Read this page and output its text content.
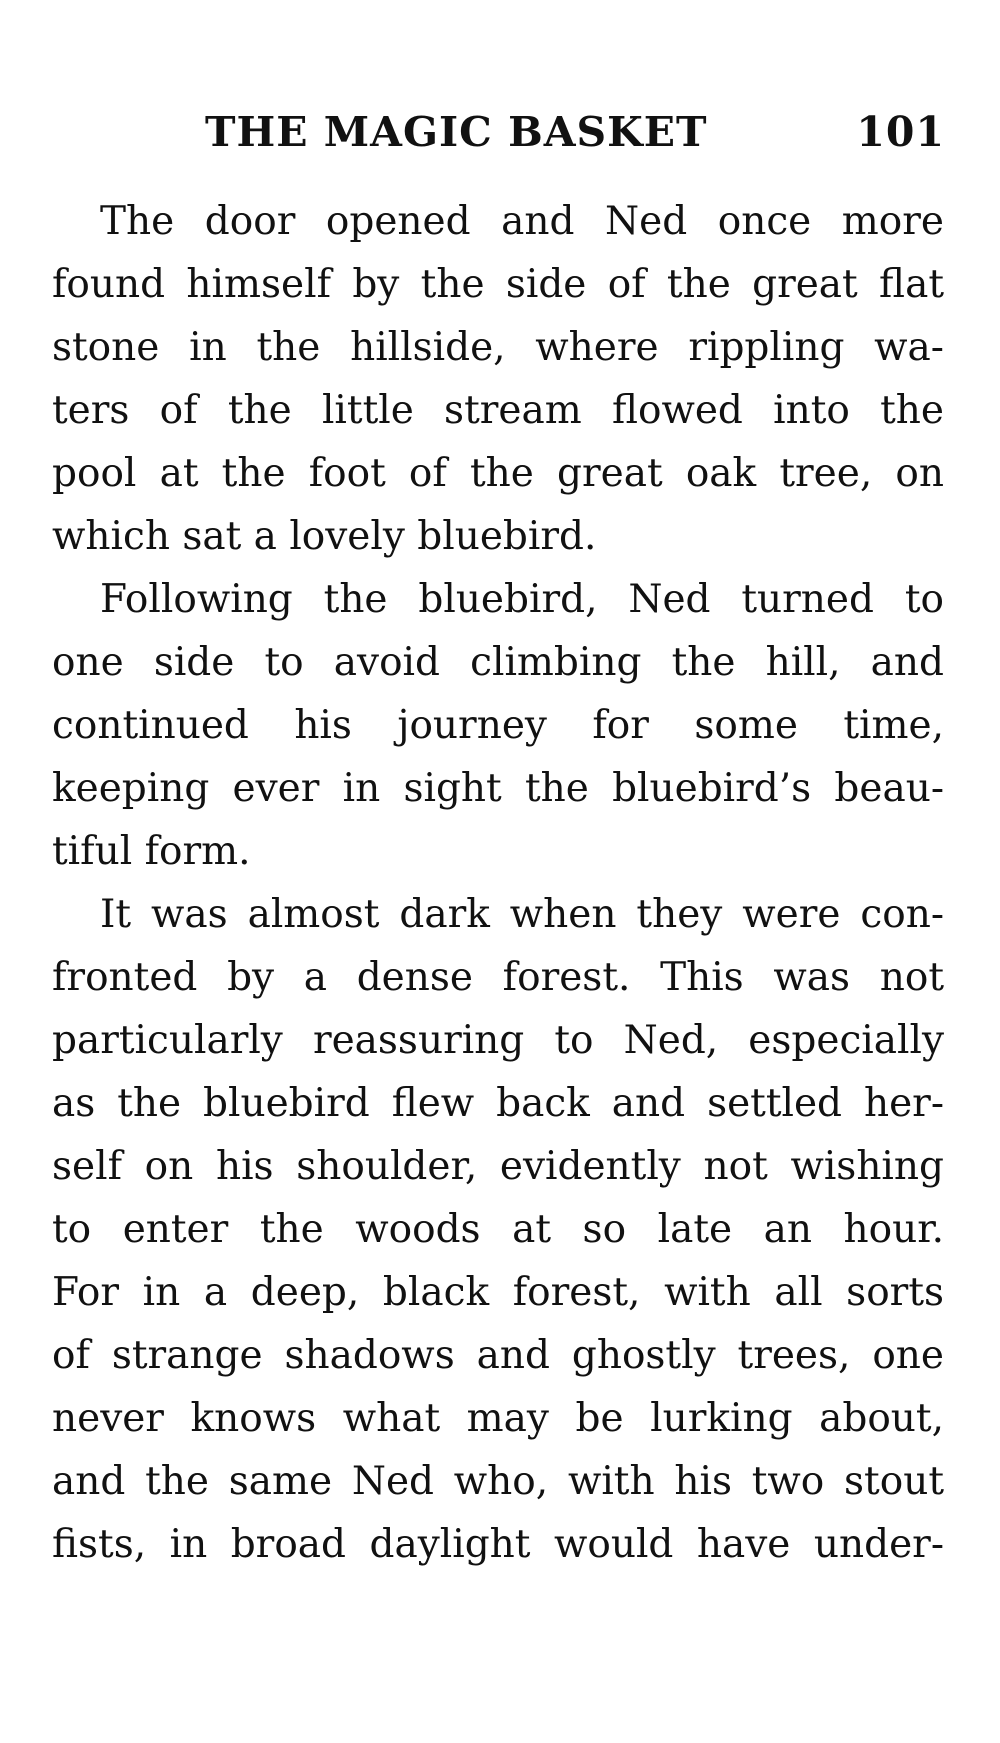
THE MAGIC BASKET	101
The door opened and Ned once more
found himself by the side of the great flat
stone in the hillside, where rippling wa-
ters of the little stream flowed into the
pool at the foot of the great oak tree, on
which sat a lovely bluebird.
Following the bluebird, Ned turned to
one side to avoid climbing the hill, and
continued his journey for some time,
keeping ever in sight the bluebird’s beau-
tiful form.
It was almost dark when they were con-
fronted by a dense forest. This was not
particularly reassuring to Ned, especially
as the bluebird flew back and settled her-
self on his shoulder, evidently not wishing
to enter the woods at so late an hour.
For in a deep, black forest, with all sorts
of strange shadows and ghostly trees, one
never knows what may be lurking about,
and the same Ned who, with his two stout
fists, in broad daylight would have under-
